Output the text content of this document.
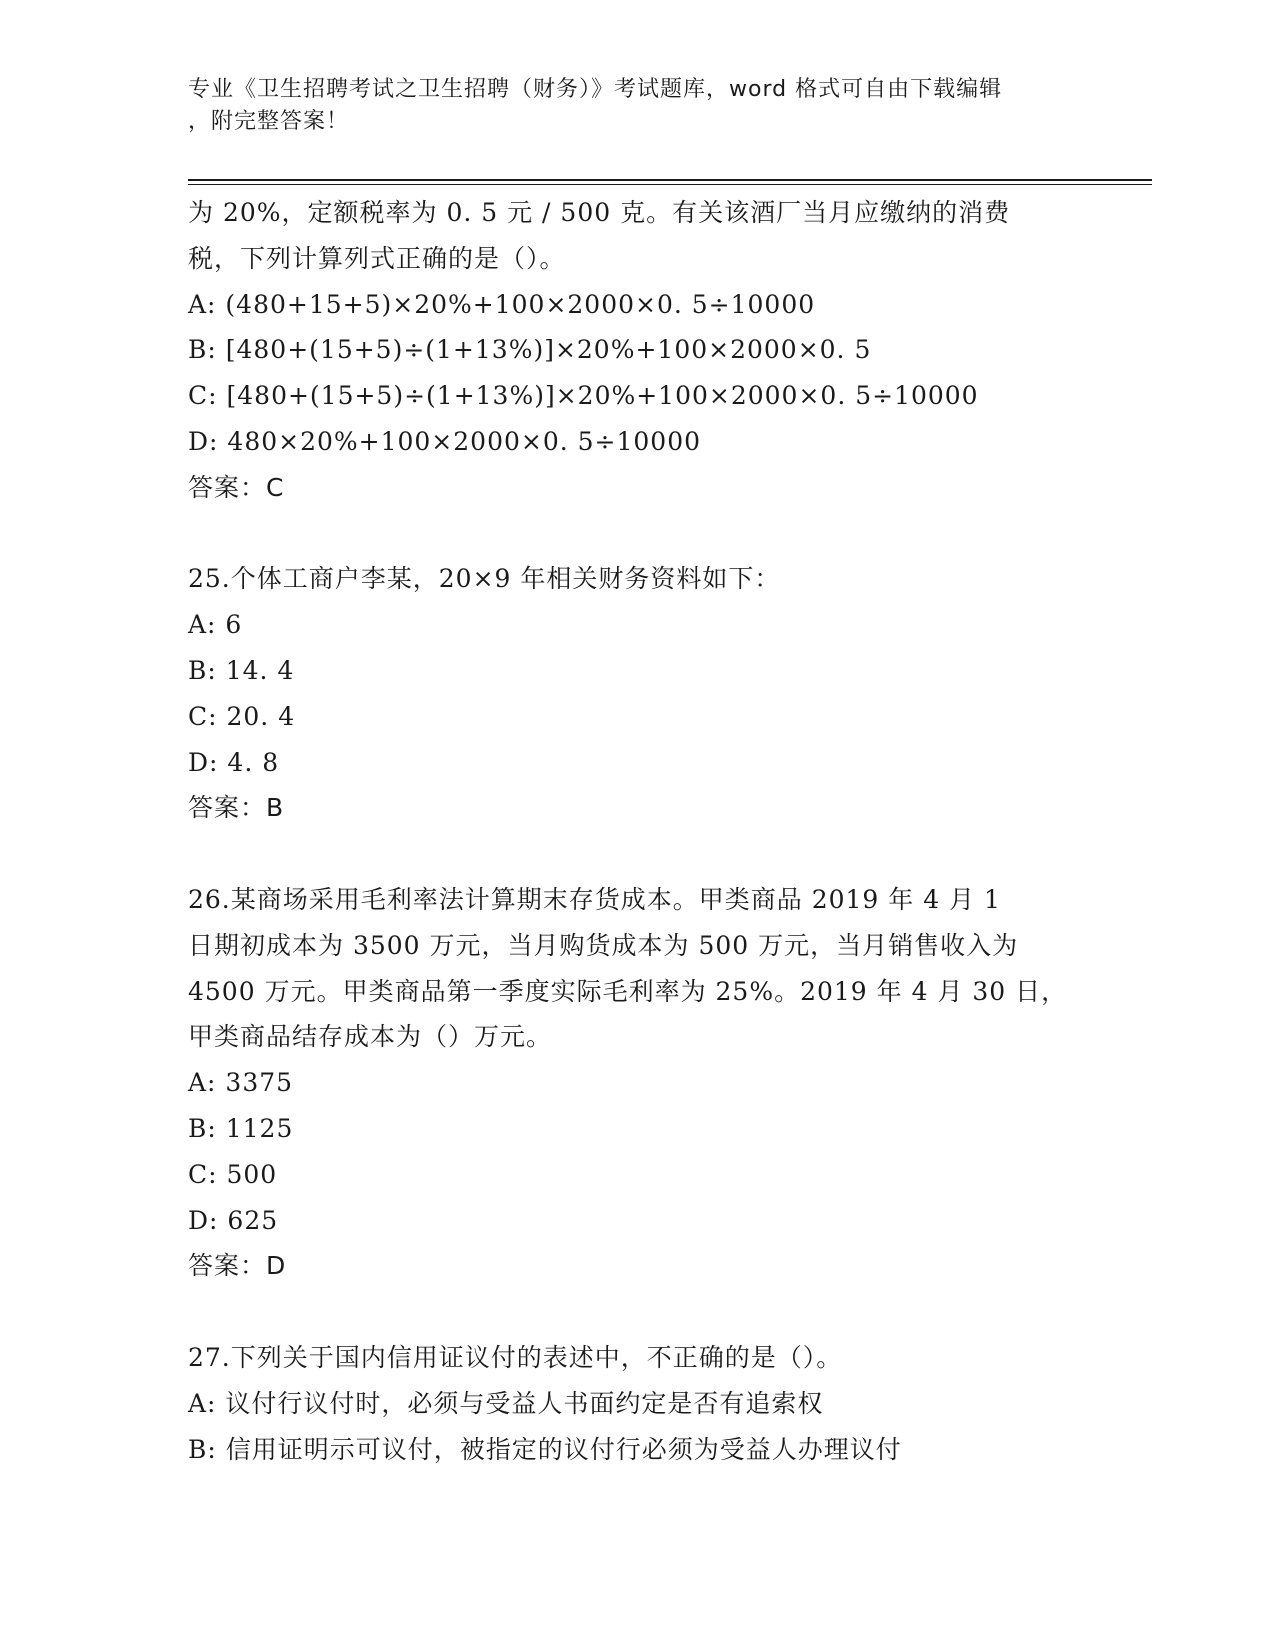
专业《卫生招聘考试之卫生招聘（财务）》考试题库，word 格式可自由下载编辑
，附完整答案！
为 20%，定额税率为 0. 5 元 / 500 克。有关该酒厂当月应缴纳的消费
税，下列计算列式正确的是（）。
A: (480+15+5)×20%+100×2000×0. 5÷10000
B: [480+(15+5)÷(1+13%)]×20%+100×2000×0. 5
C: [480+(15+5)÷(1+13%)]×20%+100×2000×0. 5÷10000
D: 480×20%+100×2000×0. 5÷10000
答案：C
25.个体工商户李某，20×9 年相关财务资料如下：
A: 6
B: 14. 4
C: 20. 4
D: 4. 8
答案：B
26.某商场采用毛利率法计算期末存货成本。甲类商品 2019 年 4 月 1
日期初成本为 3500 万元，当月购货成本为 500 万元，当月销售收入为
4500 万元。甲类商品第一季度实际毛利率为 25%。2019 年 4 月 30 日，
甲类商品结存成本为（）万元。
A: 3375
B: 1125
C: 500
D: 625
答案：D
27.下列关于国内信用证议付的表述中，不正确的是（）。
A: 议付行议付时，必须与受益人书面约定是否有追索权
B: 信用证明示可议付，被指定的议付行必须为受益人办理议付
